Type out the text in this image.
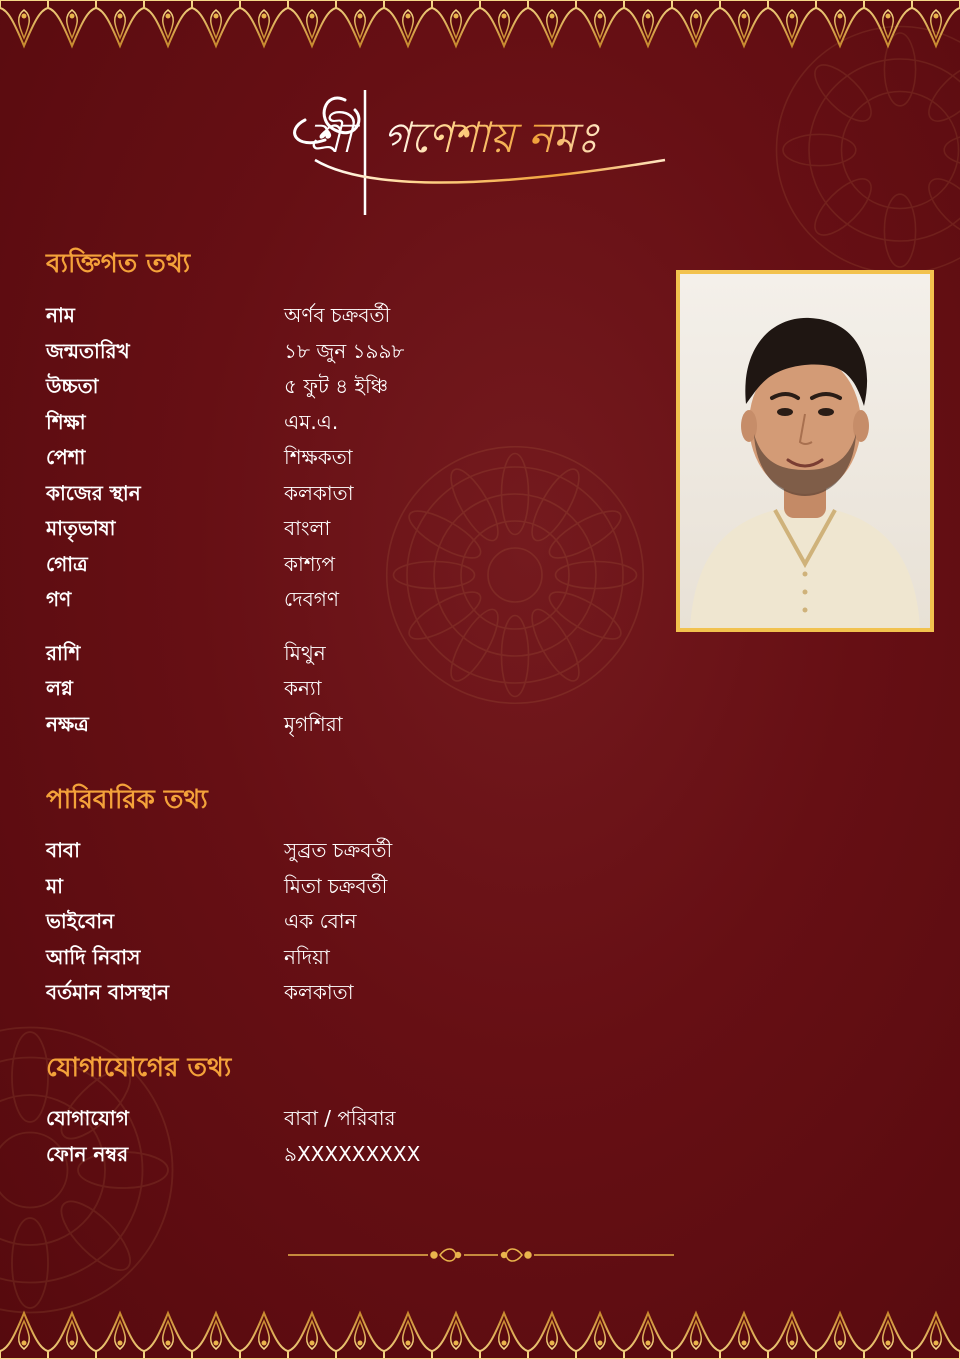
শ্রী গণেশায় নমঃ
ব্যক্তিগত তথ্য
নাম	অর্ণব চক্রবর্তী
জন্মতারিখ	১৮ জুন ১৯৯৮
উচ্চতা	৫ ফুট ৪ ইঞ্চি
শিক্ষা	এম.এ.
পেশা	শিক্ষকতা
কাজের স্থান	কলকাতা
মাতৃভাষা	বাংলা
গোত্র	কাশ্যপ
গণ	দেবগণ
রাশি	মিথুন
লগ্ন	কন্যা
নক্ষত্র	মৃগশিরা
পারিবারিক তথ্য
বাবা	সুব্রত চক্রবর্তী
মা	মিতা চক্রবর্তী
ভাইবোন	এক বোন
আদি নিবাস	নদিয়া
বর্তমান বাসস্থান	কলকাতা
যোগাযোগের তথ্য
যোগাযোগ	বাবা / পরিবার
ফোন নম্বর	৯XXXXXXXXX
